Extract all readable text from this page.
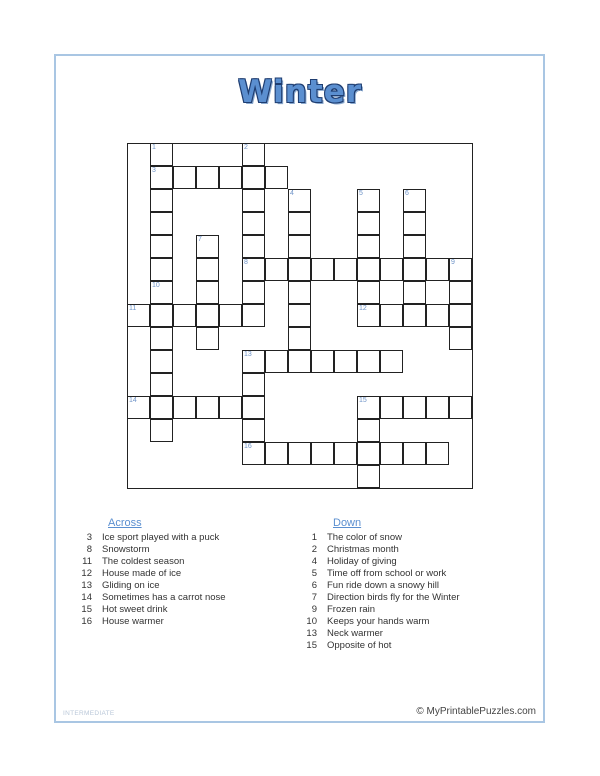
Winter
1	2
3
4	5	6
7
8	9
10
11	12
13
14	15
16
Across
3 Ice sport played with a puck
8 Snowstorm
11 The coldest season
12 House made of ice
13 Gliding on ice
14 Sometimes has a carrot nose
15 Hot sweet drink
16 House warmer
Down
1 The color of snow
2 Christmas month
4 Holiday of giving
5 Time off from school or work
6 Fun ride down a snowy hill
7 Direction birds fly for the Winter
9 Frozen rain
10 Keeps your hands warm
13 Neck warmer
15 Opposite of hot
INTERMEDIATE	© MyPrintablePuzzles.com
